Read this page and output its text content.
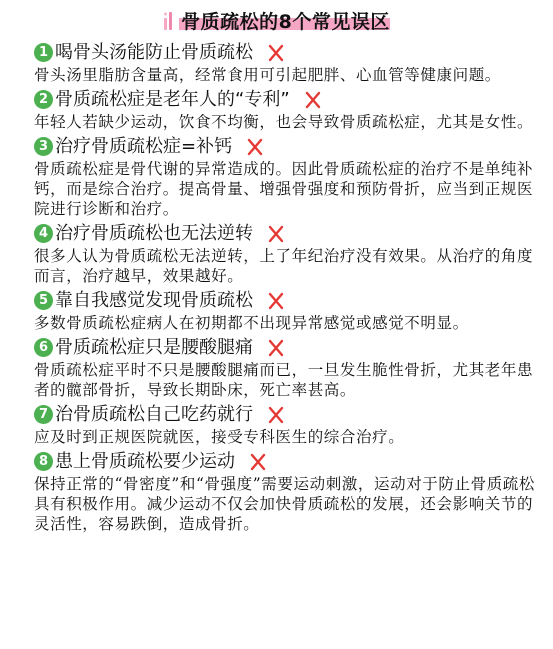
骨质疏松的8个常见误区
1 喝骨头汤能防止骨质疏松
骨头汤里脂肪含量高，经常食用可引起肥胖、心血管等健康问题。
2 骨质疏松症是老年人的“专利”
年轻人若缺少运动，饮食不均衡，也会导致骨质疏松症，尤其是女性。
3 治疗骨质疏松症=补钙
骨质疏松症是骨代谢的异常造成的。因此骨质疏松症的治疗不是单纯补钙，而是综合治疗。提高骨量、增强骨强度和预防骨折，应当到正规医院进行诊断和治疗。
4 治疗骨质疏松也无法逆转
很多人认为骨质疏松无法逆转，上了年纪治疗没有效果。从治疗的角度而言，治疗越早，效果越好。
5 靠自我感觉发现骨质疏松
多数骨质疏松症病人在初期都不出现异常感觉或感觉不明显。
6 骨质疏松症只是腰酸腿痛
骨质疏松症平时不只是腰酸腿痛而已，一旦发生脆性骨折，尤其老年患者的髋部骨折，导致长期卧床，死亡率甚高。
7 治骨质疏松自己吃药就行
应及时到正规医院就医，接受专科医生的综合治疗。
8 患上骨质疏松要少运动
保持正常的“骨密度”和“骨强度”需要运动刺激，运动对于防止骨质疏松具有积极作用。减少运动不仅会加快骨质疏松的发展，还会影响关节的灵活性，容易跌倒，造成骨折。
